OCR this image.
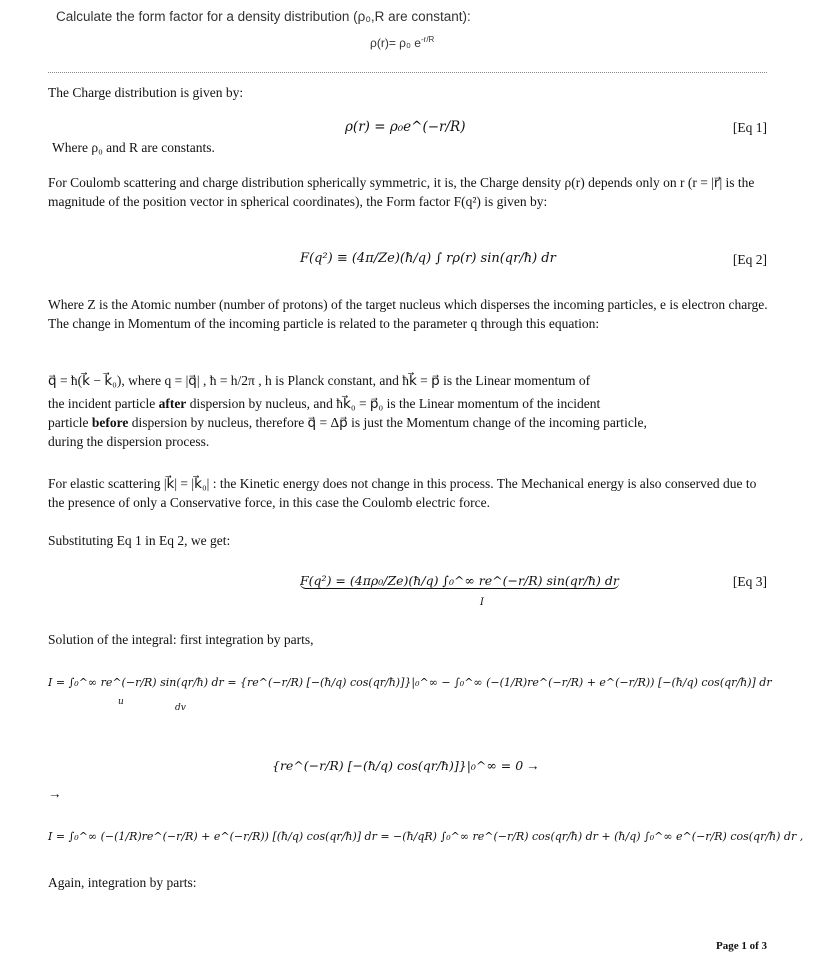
Calculate the form factor for a density distribution (ρ₀,R are constant):
ρ(r)= ρ₀ $e^{-r/R}$
The Charge distribution is given by:
ρ(r) = ρ₀e^(−r/R)	[Eq 1]
Where ρ₀ and R are constants.
For Coulomb scattering and charge distribution spherically symmetric, it is, the Charge density ρ(r) depends only on r (r = |r⃗| is the magnitude of the position vector in spherical coordinates), the Form factor F(q²) is given by:
F(q²) ≡ (4π/Ze)(ħ/q) ∫ rρ(r) sin(qr/ħ) dr	[Eq 2]
Where Z is the Atomic number (number of protons) of the target nucleus which disperses the incoming particles, e is electron charge. The change in Momentum of the incoming particle is related to the parameter q through this equation:
q⃗ = ħ(k⃗ − k⃗₀), where q = |q⃗| , ħ = h/2π , h is Planck constant, and ħk⃗ = p⃗ is the Linear momentum of
the incident particle after dispersion by nucleus, and ħk⃗₀ = p⃗₀ is the Linear momentum of the incident
particle before dispersion by nucleus, therefore q⃗ = Δp⃗ is just the Momentum change of the incoming particle,
during the dispersion process.
For elastic scattering |k⃗| = |k⃗₀| : the Kinetic energy does not change in this process. The Mechanical energy is also conserved due to the presence of only a Conservative force, in this case the Coulomb electric force.
Substituting Eq 1 in Eq 2, we get:
F(q²) = (4πρ₀/Ze)(ħ/q) ∫₀^∞ re^(−r/R) sin(qr/ħ) dr
I
[Eq 3]
Solution of the integral: first integration by parts,
I = ∫₀^∞ re^(−r/R) sin(qr/ħ) dr = {re^(−r/R) [−(ħ/q) cos(qr/ħ)]}|₀^∞ − ∫₀^∞ (−(1/R)re^(−r/R) + e^(−r/R)) [−(ħ/q) cos(qr/ħ)] dr
u
dv
{re^(−r/R) [−(ħ/q) cos(qr/ħ)]}|₀^∞ = 0 →
→
I = ∫₀^∞ (−(1/R)re^(−r/R) + e^(−r/R)) [(ħ/q) cos(qr/ħ)] dr = −(ħ/qR) ∫₀^∞ re^(−r/R) cos(qr/ħ) dr + (ħ/q) ∫₀^∞ e^(−r/R) cos(qr/ħ) dr ,
Again, integration by parts:
Page 1 of 3
